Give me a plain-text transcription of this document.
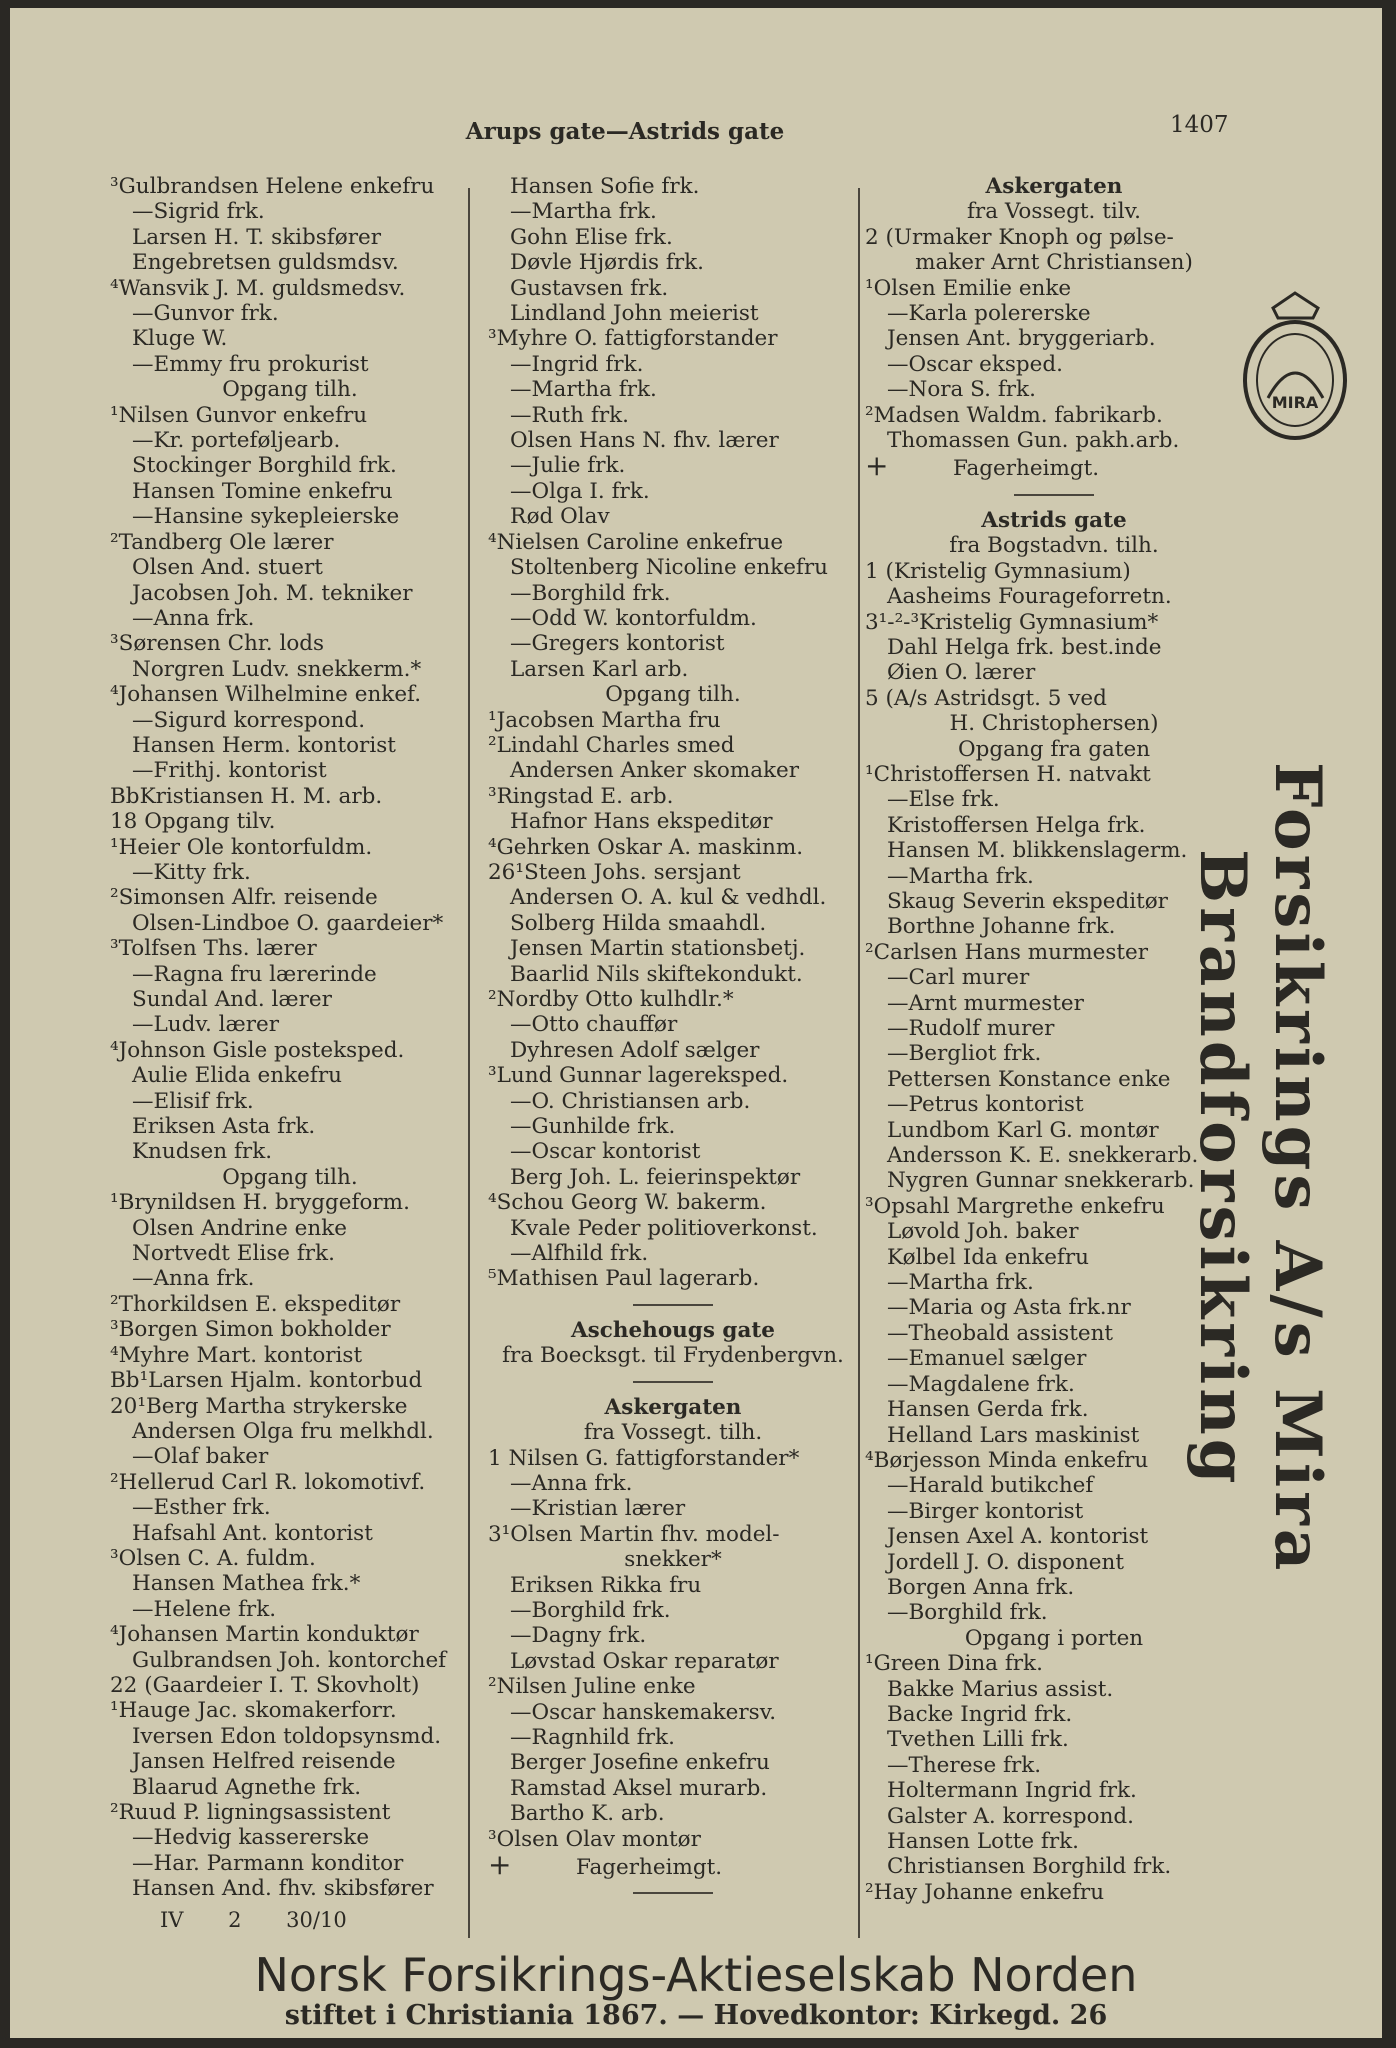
Arups gate—Astrids gate	1407
³Gulbrandsen Helene enkefru
—Sigrid frk.
Larsen H. T. skibsfører
Engebretsen guldsmdsv.
⁴Wansvik J. M. guldsmedsv.
—Gunvor frk.
Kluge W.
—Emmy fru prokurist
Opgang tilh.
¹Nilsen Gunvor enkefru
—Kr. porteføljearb.
Stockinger Borghild frk.
Hansen Tomine enkefru
—Hansine sykepleierske
²Tandberg Ole lærer
Olsen And. stuert
Jacobsen Joh. M. tekniker
—Anna frk.
³Sørensen Chr. lods
Norgren Ludv. snekkerm.*
⁴Johansen Wilhelmine enkef.
—Sigurd korrespond.
Hansen Herm. kontorist
—Frithj. kontorist
BbKristiansen H. M. arb.
18 Opgang tilv.
¹Heier Ole kontorfuldm.
—Kitty frk.
²Simonsen Alfr. reisende
Olsen-Lindboe O. gaardeier*
³Tolfsen Ths. lærer
—Ragna fru lærerinde
Sundal And. lærer
—Ludv. lærer
⁴Johnson Gisle posteksped.
Aulie Elida enkefru
—Elisif frk.
Eriksen Asta frk.
Knudsen frk.
Opgang tilh.
¹Brynildsen H. bryggeform.
Olsen Andrine enke
Nortvedt Elise frk.
—Anna frk.
²Thorkildsen E. ekspeditør
³Borgen Simon bokholder
⁴Myhre Mart. kontorist
Bb¹Larsen Hjalm. kontorbud
20¹Berg Martha strykerske
Andersen Olga fru melkhdl.
—Olaf baker
²Hellerud Carl R. lokomotivf.
—Esther frk.
Hafsahl Ant. kontorist
³Olsen C. A. fuldm.
Hansen Mathea frk.*
—Helene frk.
⁴Johansen Martin konduktør
Gulbrandsen Joh. kontorchef
22 (Gaardeier I. T. Skovholt)
¹Hauge Jac. skomakerforr.
Iversen Edon toldopsynsmd.
Jansen Helfred reisende
Blaarud Agnethe frk.
²Ruud P. ligningsassistent
—Hedvig kassererske
—Har. Parmann konditor
Hansen And. fhv. skibsfører
Hansen Sofie frk.
—Martha frk.
Gohn Elise frk.
Døvle Hjørdis frk.
Gustavsen frk.
Lindland John meierist
³Myhre O. fattigforstander
—Ingrid frk.
—Martha frk.
—Ruth frk.
Olsen Hans N. fhv. lærer
—Julie frk.
—Olga I. frk.
Rød Olav
⁴Nielsen Caroline enkefrue
Stoltenberg Nicoline enkefru
—Borghild frk.
—Odd W. kontorfuldm.
—Gregers kontorist
Larsen Karl arb.
Opgang tilh.
¹Jacobsen Martha fru
²Lindahl Charles smed
Andersen Anker skomaker
³Ringstad E. arb.
Hafnor Hans ekspeditør
⁴Gehrken Oskar A. maskinm.
26¹Steen Johs. sersjant
Andersen O. A. kul & vedhdl.
Solberg Hilda smaahdl.
Jensen Martin stationsbetj.
Baarlid Nils skiftekondukt.
²Nordby Otto kulhdlr.*
—Otto chauffør
Dyhresen Adolf sælger
³Lund Gunnar lagereksped.
—O. Christiansen arb.
—Gunhilde frk.
—Oscar kontorist
Berg Joh. L. feierinspektør
⁴Schou Georg W. bakerm.
Kvale Peder politioverkonst.
—Alfhild frk.
⁵Mathisen Paul lagerarb.
Aschehougs gate
fra Boecksgt. til Frydenbergvn.
Askergaten
fra Vossegt. tilh.
1 Nilsen G. fattigforstander*
—Anna frk.
—Kristian lærer
3¹Olsen Martin fhv. model-
snekker*
Eriksen Rikka fru
—Borghild frk.
—Dagny frk.
Løvstad Oskar reparatør
²Nilsen Juline enke
—Oscar hanskemakersv.
—Ragnhild frk.
Berger Josefine enkefru
Ramstad Aksel murarb.
Bartho K. arb.
³Olsen Olav montør
+	Fagerheimgt.
Askergaten
fra Vossegt. tilv.
2 (Urmaker Knoph og pølse-
maker Arnt Christiansen)
¹Olsen Emilie enke
—Karla polererske
Jensen Ant. bryggeriarb.
—Oscar eksped.
—Nora S. frk.
²Madsen Waldm. fabrikarb.
Thomassen Gun. pakh.arb.
+	Fagerheimgt.
Astrids gate
fra Bogstadvn. tilh.
1 (Kristelig Gymnasium)
Aasheims Fourageforretn.
3¹-²-³Kristelig Gymnasium*
Dahl Helga frk. best.inde
Øien O. lærer
5 (A/s Astridsgt. 5 ved
H. Christophersen)
Opgang fra gaten
¹Christoffersen H. natvakt
—Else frk.
Kristoffersen Helga frk.
Hansen M. blikkenslagerm.
—Martha frk.
Skaug Severin ekspeditør
Borthne Johanne frk.
²Carlsen Hans murmester
—Carl murer
—Arnt murmester
—Rudolf murer
—Bergliot frk.
Pettersen Konstance enke
—Petrus kontorist
Lundbom Karl G. montør
Andersson K. E. snekkerarb.
Nygren Gunnar snekkerarb.
³Opsahl Margrethe enkefru
Løvold Joh. baker
Kølbel Ida enkefru
—Martha frk.
—Maria og Asta frk.nr
—Theobald assistent
—Emanuel sælger
—Magdalene frk.
Hansen Gerda frk.
Helland Lars maskinist
⁴Børjesson Minda enkefru
—Harald butikchef
—Birger kontorist
Jensen Axel A. kontorist
Jordell J. O. disponent
Borgen Anna frk.
—Borghild frk.
Opgang i porten
¹Green Dina frk.
Bakke Marius assist.
Backe Ingrid frk.
Tvethen Lilli frk.
—Therese frk.
Holtermann Ingrid frk.
Galster A. korrespond.
Hansen Lotte frk.
Christiansen Borghild frk.
²Hay Johanne enkefru
MIRA
Forsikrings A/s Mira Brandforsikring
IV 2 30/10
Norsk Forsikrings-Aktieselskab Norden
stiftet i Christiania 1867. — Hovedkontor: Kirkegd. 26
